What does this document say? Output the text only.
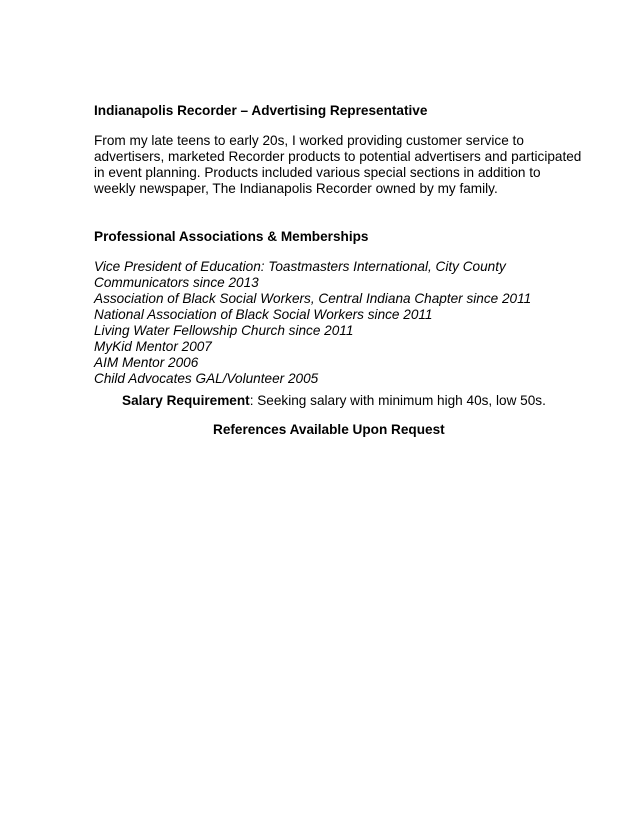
Indianapolis Recorder – Advertising Representative

From my late teens to early 20s, I worked providing customer service to
advertisers, marketed Recorder products to potential advertisers and participated
in event planning. Products included various special sections in addition to
weekly newspaper, The Indianapolis Recorder owned by my family.

Professional Associations & Memberships

Vice President of Education: Toastmasters International, City County
Communicators since 2013
Association of Black Social Workers, Central Indiana Chapter since 2011
National Association of Black Social Workers since 2011
Living Water Fellowship Church since 2011
MyKid Mentor 2007
AIM Mentor 2006
Child Advocates GAL/Volunteer 2005
Salary Requirement: Seeking salary with minimum high 40s, low 50s.
References Available Upon Request
